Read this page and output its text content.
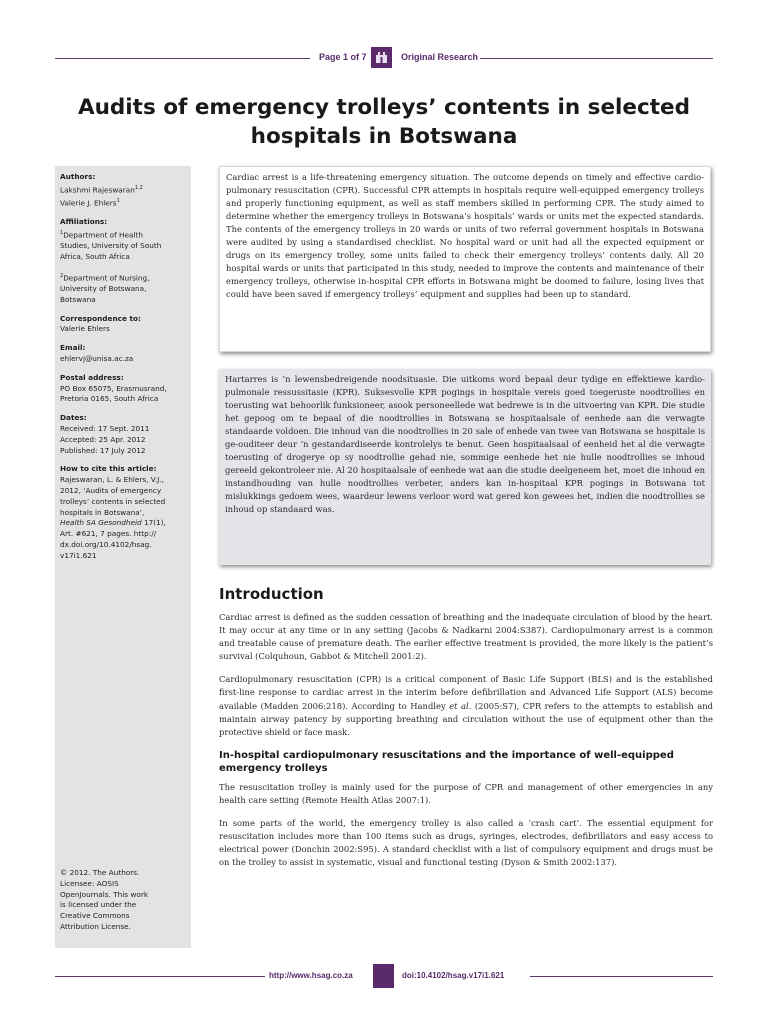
Page 1 of 7	Original Research
Audits of emergency trolleys’ contents in selected
hospitals in Botswana
Authors:
Lakshmi Rajeswaran$^{1,2}$
Valerie J. Ehlers$^1$
Affiliations:
$^1$Department of Health
Studies, University of South
Africa, South Africa
$^2$Department of Nursing,
University of Botswana,
Botswana
Correspondence to:
Valerie Ehlers
Email:
ehlervj@unisa.ac.za
Postal address:
PO Box 65075, Erasmusrand,
Pretoria 0165, South Africa
Dates:
Received: 17 Sept. 2011
Accepted: 25 Apr. 2012
Published: 17 July 2012
How to cite this article:
Rajeswaran, L. & Ehlers, V.J.,
2012, ‘Audits of emergency
trolleys’ contents in selected
hospitals in Botswana’,
Health SA Gesondheid 17(1),
Art. #621, 7 pages. http://
dx.doi.org/10.4102/hsag.
v17i1.621
© 2012. The Authors.
Licensee: AOSIS
OpenJournals. This work
is licensed under the
Creative Commons
Attribution License.
Cardiac arrest is a life-threatening emergency situation. The outcome depends on timely and effective cardio-pulmonary resuscitation (CPR). Successful CPR attempts in hospitals require well-equipped emergency trolleys and properly functioning equipment, as well as staff members skilled in performing CPR. The study aimed to determine whether the emergency trolleys in Botswana’s hospitals’ wards or units met the expected standards. The contents of the emergency trolleys in 20 wards or units of two referral government hospitals in Botswana were audited by using a standardised checklist. No hospital ward or unit had all the expected equipment or drugs on its emergency trolley, some units failed to check their emergency trolleys’ contents daily. All 20 hospital wards or units that participated in this study, needed to improve the contents and maintenance of their emergency trolleys, otherwise in-hospital CPR efforts in Botswana might be doomed to failure, losing lives that could have been saved if emergency trolleys’ equipment and supplies had been up to standard.
Hartarres is ’n lewensbedreigende noodsituasie. Die uitkoms word bepaal deur tydige en effektiewe kardio-pulmonale ressussitasie (KPR). Suksesvolle KPR pogings in hospitale vereis goed toegeruste noodtrollies en toerusting wat behoorlik funksioneer, asook personeellede wat bedrewe is in die uitvoering van KPR. Die studie het gepoog om te bepaal of die noodtrollies in Botswana se hospitaalsale of eenhede aan die verwagte standaarde voldoen. Die inhoud van die noodtrollies in 20 sale of enhede van twee van Botswana se hospitale is ge-ouditeer deur ’n gestandardiseerde kontrolelys te benut. Geen hospitaalsaal of eenheid het al die verwagte toerusting of drogerye op sy noodtrollie gehad nie, sommige eenhede het nie hulle noodtrollies se inhoud gereeld gekontroleer nie. Al 20 hospitaalsale of eenhede wat aan die studie deelgeneem het, moet die inhoud en instandhouding van hulle noodtrollies verbeter, anders kan in-hospitaal KPR pogings in Botswana tot mislukkings gedoem wees, waardeur lewens verloor word wat gered kon gewees het, indien die noodtrollies se inhoud op standaard was.
Introduction

Cardiac arrest is defined as the sudden cessation of breathing and the inadequate circulation of blood by the heart. It may occur at any time or in any setting (Jacobs & Nadkarni 2004:S387). Cardiopulmonary arrest is a common and treatable cause of premature death. The earlier effective treatment is provided, the more likely is the patient’s survival (Colquhoun, Gabbot & Mitchell 2001:2).

Cardiopulmonary resuscitation (CPR) is a critical component of Basic Life Support (BLS) and is the established first-line response to cardiac arrest in the interim before defibrillation and Advanced Life Support (ALS) become available (Madden 2006:218). According to Handley et al. (2005:S7), CPR refers to the attempts to establish and maintain airway patency by supporting breathing and circulation without the use of equipment other than the protective shield or face mask.

In-hospital cardiopulmonary resuscitations and the importance of well-equipped emergency trolleys

The resuscitation trolley is mainly used for the purpose of CPR and management of other emergencies in any health care setting (Remote Health Atlas 2007:1).

In some parts of the world, the emergency trolley is also called a ‘crash cart’. The essential equipment for resuscitation includes more than 100 items such as drugs, syringes, electrodes, defibrillators and easy access to electrical power (Donchin 2002:S95). A standard checklist with a list of compulsory equipment and drugs must be on the trolley to assist in systematic, visual and functional testing (Dyson & Smith 2002:137).

http://www.hsag.co.za	doi:10.4102/hsag.v17i1.621
